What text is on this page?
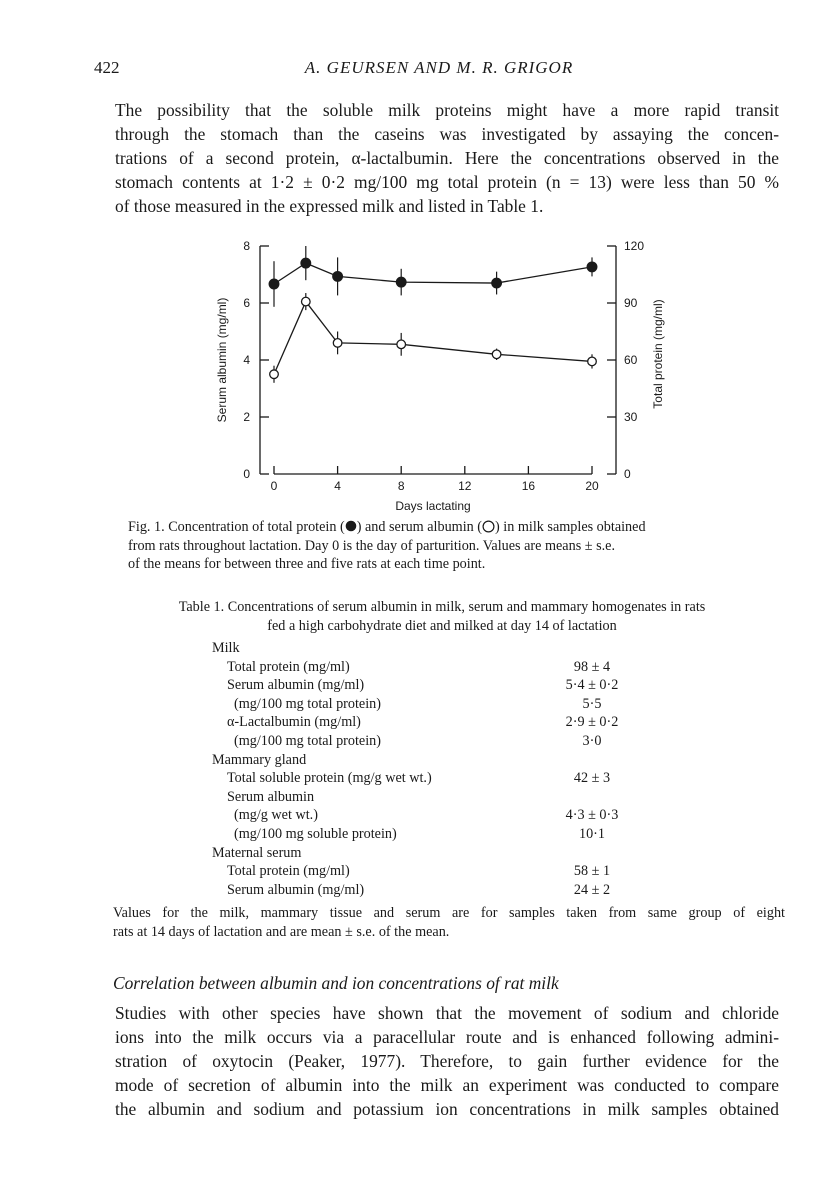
422	A. GEURSEN AND M. R. GRIGOR
The possibility that the soluble milk proteins might have a more rapid transit
through the stomach than the caseins was investigated by assaying the concen-
trations of a second protein, α-lactalbumin. Here the concentrations observed in the
stomach contents at 1·2 ± 0·2 mg/100 mg total protein (n = 13) were less than 50 %
of those measured in the expressed milk and listed in Table 1.
0
2
4
6
8
0
30
60
90
120
0	4	8	12	16	20
Serum albumin (mg/ml)	Total protein (mg/ml)
Days lactating
Fig. 1. Concentration of total protein ( ) and serum albumin ( ) in milk samples obtained
from rats throughout lactation. Day 0 is the day of parturition. Values are means ± s.e.
of the means for between three and five rats at each time point.
Table 1. Concentrations of serum albumin in milk, serum and mammary homogenates in rats
fed a high carbohydrate diet and milked at day 14 of lactation
Milk
Total protein (mg/ml)	98 ± 4
Serum albumin (mg/ml)	5·4 ± 0·2
(mg/100 mg total protein)	5·5
α-Lactalbumin (mg/ml)	2·9 ± 0·2
(mg/100 mg total protein)	3·0
Mammary gland
Total soluble protein (mg/g wet wt.)	42 ± 3
Serum albumin
(mg/g wet wt.)	4·3 ± 0·3
(mg/100 mg soluble protein)	10·1
Maternal serum
Total protein (mg/ml)	58 ± 1
Serum albumin (mg/ml)	24 ± 2
Values for the milk, mammary tissue and serum are for samples taken from same group of eight
rats at 14 days of lactation and are mean ± s.e. of the mean.
Correlation between albumin and ion concentrations of rat milk
Studies with other species have shown that the movement of sodium and chloride
ions into the milk occurs via a paracellular route and is enhanced following admini-
stration of oxytocin (Peaker, 1977). Therefore, to gain further evidence for the
mode of secretion of albumin into the milk an experiment was conducted to compare
the albumin and sodium and potassium ion concentrations in milk samples obtained
